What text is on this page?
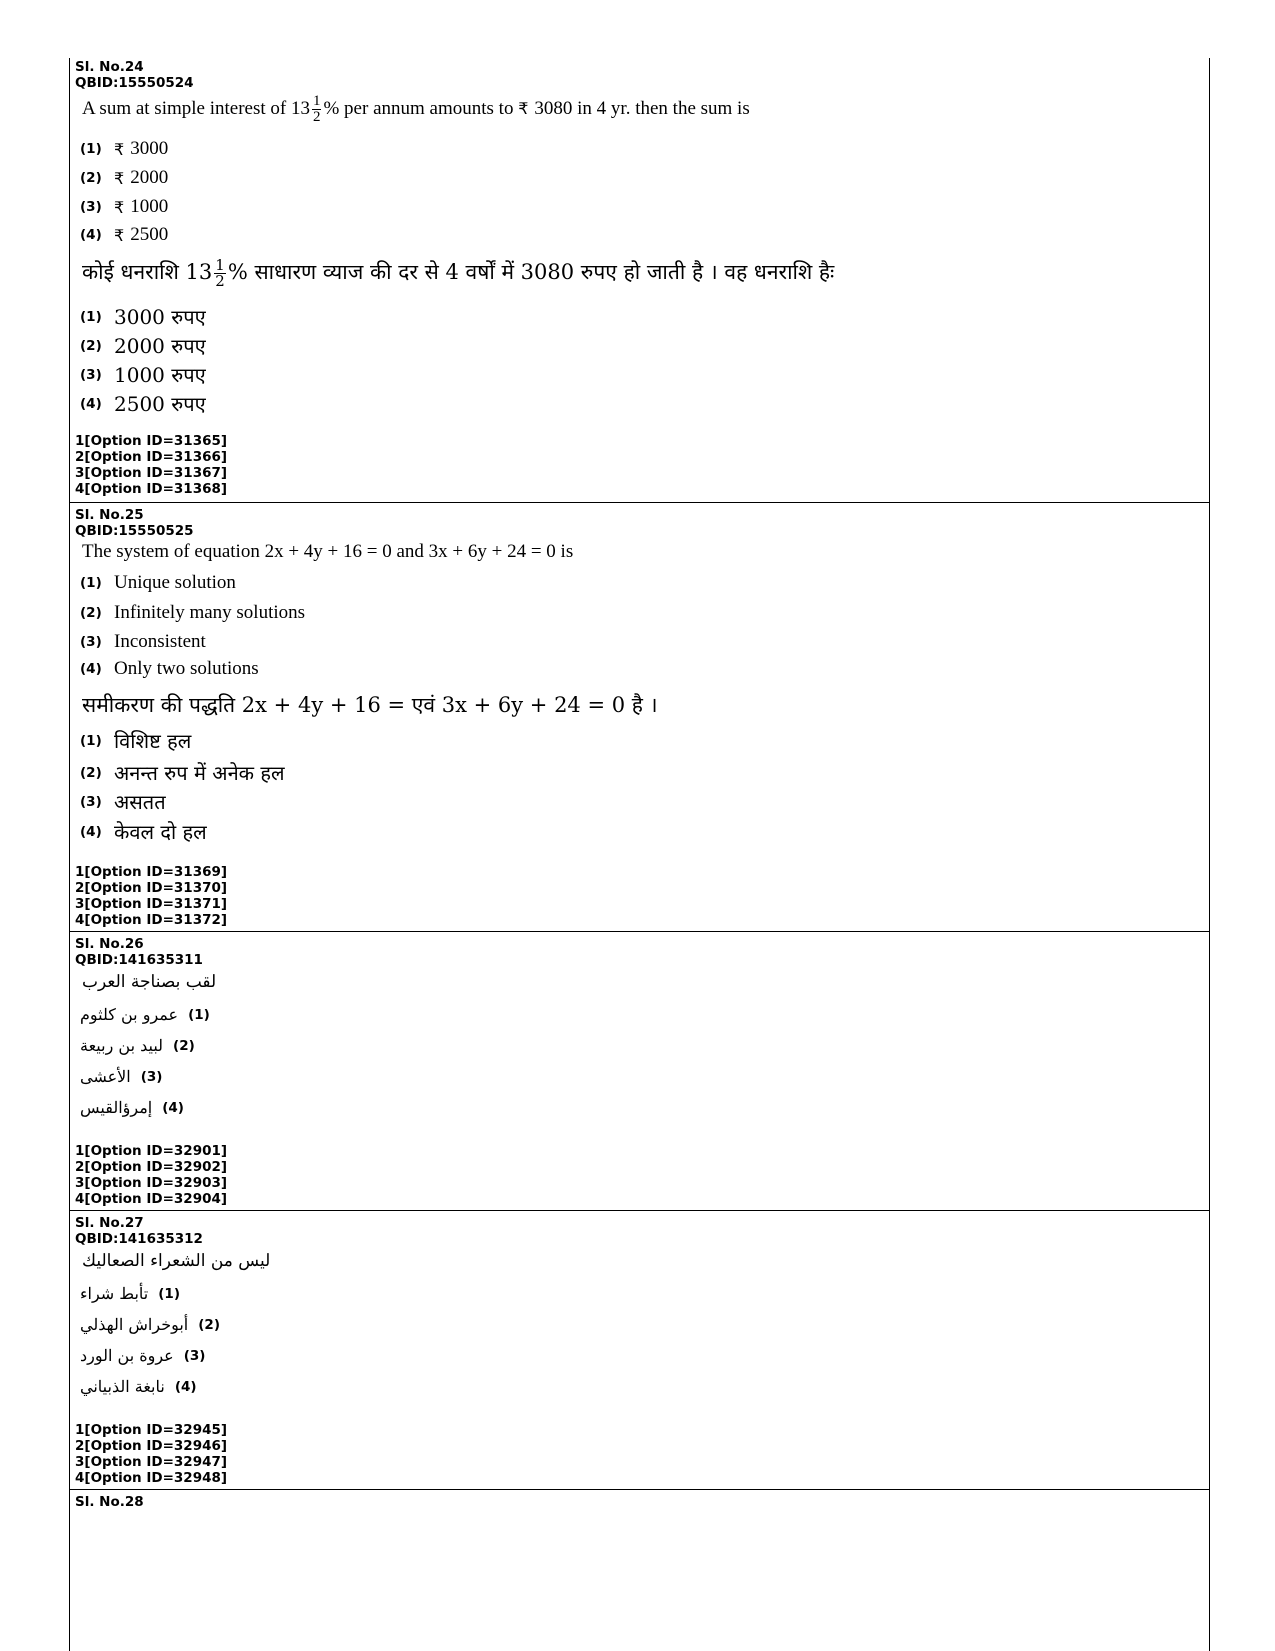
Sl. No.24
QBID:15550524
A sum at simple interest of $13 \frac{1}{2}$ % per annum amounts to ₹ 3080 in 4 yr. then the sum is
(1) ₹ 3000
(2) ₹ 2000
(3) ₹ 1000
(4) ₹ 2500
कोई धनराशि $13 \frac{1}{2}$ % साधारण व्याज की दर से 4 वर्षों में 3080 रुपए हो जाती है । वह धनराशि हैः
(1) 3000 रुपए
(2) 2000 रुपए
(3) 1000 रुपए
(4) 2500 रुपए
1[Option ID=31365]
2[Option ID=31366]
3[Option ID=31367]
4[Option ID=31368]
Sl. No.25
QBID:15550525
The system of equation 2x + 4y + 16 = 0 and 3x + 6y + 24 = 0 is
(1) Unique solution
(2) Infinitely many solutions
(3) Inconsistent
(4) Only two solutions
समीकरण की पद्धति 2x + 4y + 16 = एवं 3x + 6y + 24 = 0 है ।
(1) विशिष्ट हल
(2) अनन्त रुप में अनेक हल
(3) असतत
(4) केवल दो हल
1[Option ID=31369]
2[Option ID=31370]
3[Option ID=31371]
4[Option ID=31372]
Sl. No.26
QBID:141635311
لقب بصناجة العرب
(1)
عمرو بن كلثوم
(2)
لبيد بن ربيعة
(3)
الأعشى
(4)
إمرؤالقيس
1[Option ID=32901]
2[Option ID=32902]
3[Option ID=32903]
4[Option ID=32904]
Sl. No.27
QBID:141635312
ليس من الشعراء الصعاليك
(1)
تأبط شراء
(2)
أبوخراش الهذلي
(3)
عروة بن الورد
(4)
نابغة الذبياني
1[Option ID=32945]
2[Option ID=32946]
3[Option ID=32947]
4[Option ID=32948]
Sl. No.28
